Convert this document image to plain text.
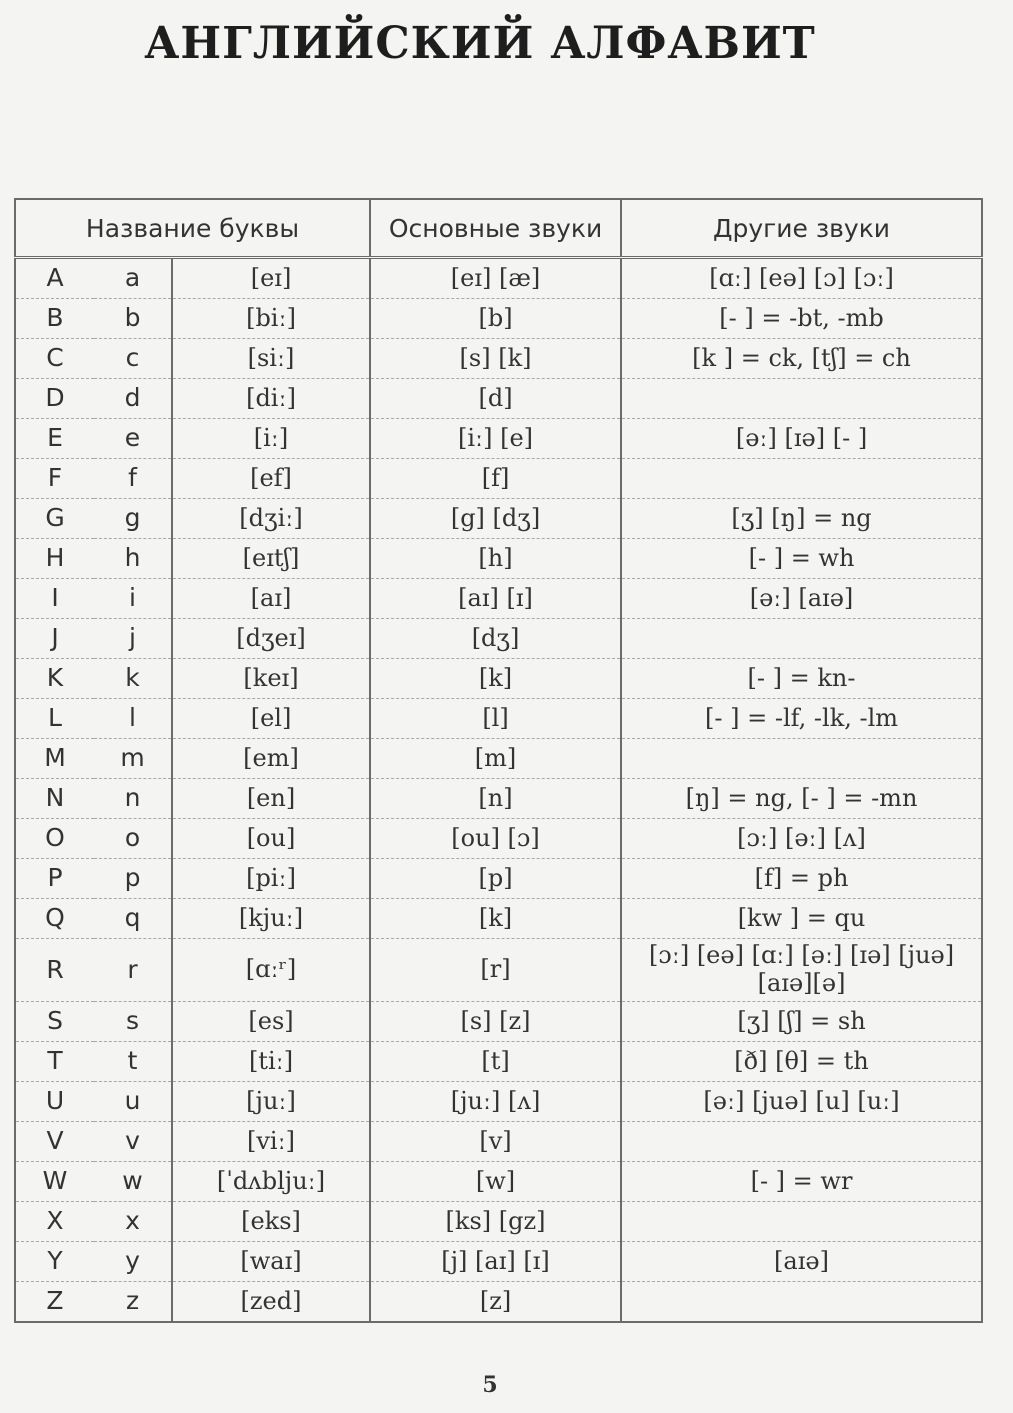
АНГЛИЙСКИЙ АЛФАВИТ
Название буквы			Основные звуки	Другие звуки
A	a	[eɪ]	[eɪ] [æ]	[ɑː] [eə] [ɔ] [ɔː]
B	b	[biː]	[b]	[- ] = -bt, -mb
C	c	[siː]	[s] [k]	[k ] = ck, [tʃ] = ch
D	d	[diː]	[d]	
E	e	[iː]	[iː] [e]	[əː] [ɪə] [- ]
F	f	[ef]	[f]	
G	g	[dʒiː]	[g] [dʒ]	[ʒ] [ŋ] = ng
H	h	[eɪtʃ]	[h]	[- ] = wh
I	i	[aɪ]	[aɪ] [ɪ]	[əː] [aɪə]
J	j	[dʒeɪ]	[dʒ]	
K	k	[keɪ]	[k]	[- ] = kn-
L	l	[el]	[l]	[- ] = -lf, -lk, -lm
M	m	[em]	[m]	
N	n	[en]	[n]	[ŋ] = ng, [- ] = -mn
O	o	[ou]	[ou] [ɔ]	[ɔː] [əː] [ʌ]
P	p	[piː]	[p]	[f] = ph
Q	q	[kjuː]	[k]	[kw ] = qu
R	r	[ɑːʳ]	[r]	[ɔː] [eə] [ɑː] [əː] [ɪə] [juə] [aɪə][ə]
S	s	[es]	[s] [z]	[ʒ] [ʃ] = sh
T	t	[tiː]	[t]	[ð] [θ] = th
U	u	[juː]	[juː] [ʌ]	[əː] [juə] [u] [uː]
V	v	[viː]	[v]	
W	w	[ˈdʌbljuː]	[w]	[- ] = wr
X	x	[eks]	[ks] [gz]	
Y	y	[waɪ]	[j] [aɪ] [ɪ]	[aɪə]
Z	z	[zed]	[z]	
5
